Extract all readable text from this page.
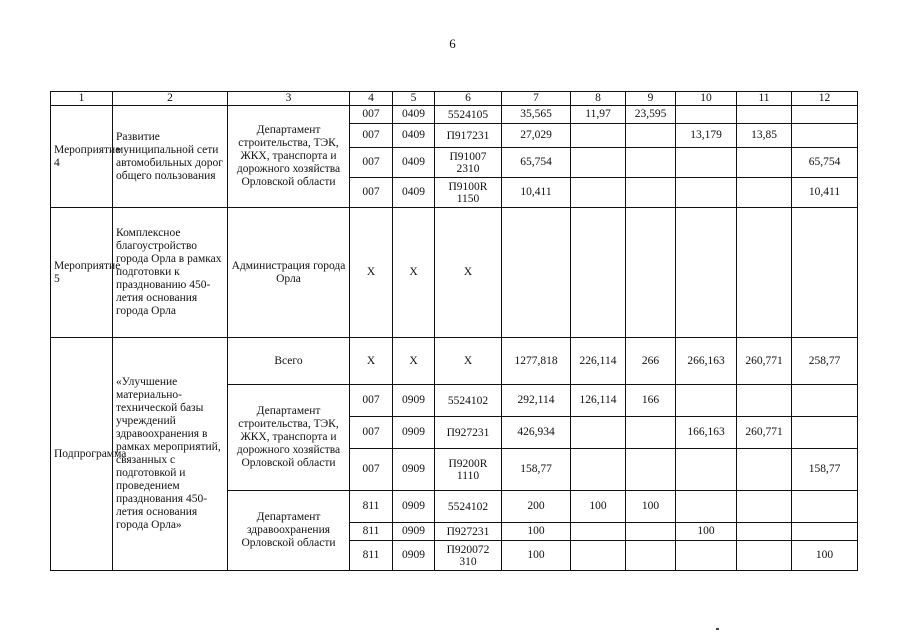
6
1	2	3	4	5	6	7	8	9	10	11	12
Мероприятие 4	Развитие муниципальной сети автомобильных дорог общего пользования	Департамент строительства, ТЭК, ЖКХ, транспорта и дорожного хозяйства Орловской области	007	0409	5524105	35,565	11,97	23,595			
			007	0409	П917231	27,029			13,179	13,85	
			007	0409	П91007 2310	65,754					65,754
			007	0409	П9100R 1150	10,411					10,411
Мероприятие 5	Комплексное благоустройство города Орла в рамках подготовки к празднованию 450-летия основания города Орла	Администрация города Орла	X	X	X						
Подпрограмма	«Улучшение материально-технической базы учреждений здравоохранения в рамках мероприятий, связанных с подготовкой и проведением празднования 450-летия основания города Орла»	Всего	X	X	X	1277,818	226,114	266	266,163	260,771	258,77
		Департамент строительства, ТЭК, ЖКХ, транспорта и дорожного хозяйства Орловской области	007	0909	5524102	292,114	126,114	166			
			007	0909	П927231	426,934			166,163	260,771	
			007	0909	П9200R 1110	158,77					158,77
		Департамент здравоохранения Орловской области	811	0909	5524102	200	100	100			
			811	0909	П927231	100			100		
			811	0909	П920072 310	100					100
